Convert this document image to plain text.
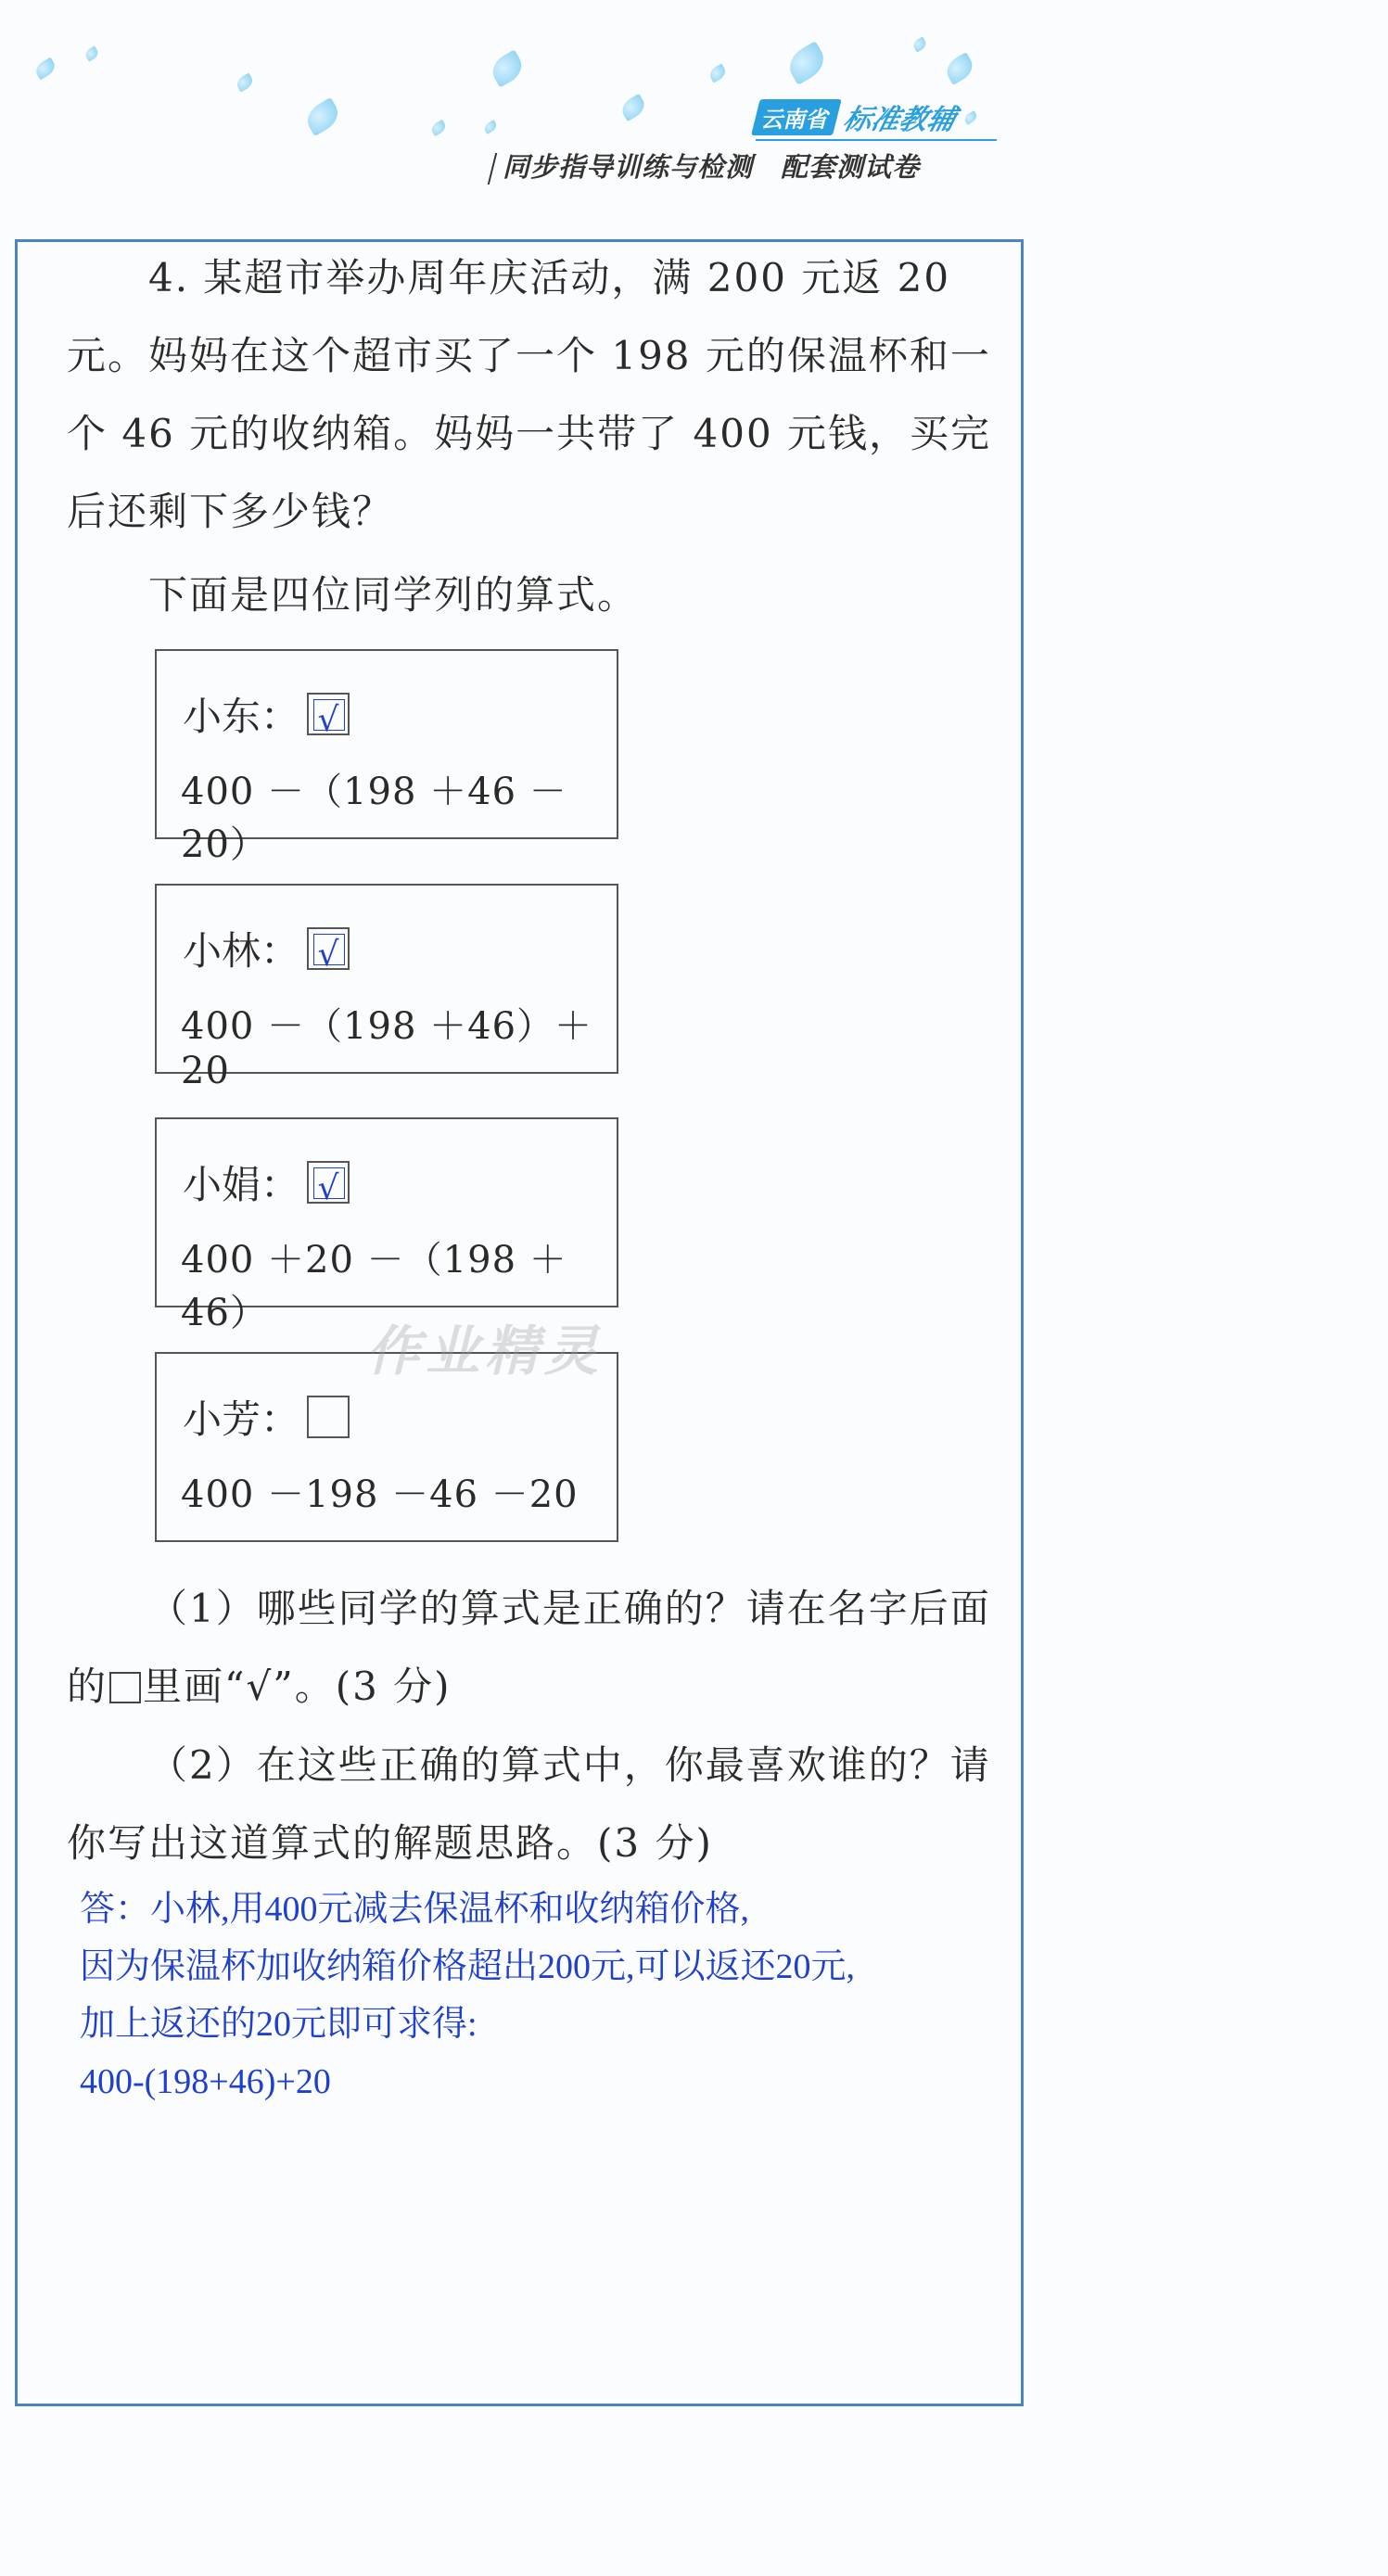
云南省 标准教辅
同步指导训练与检测　配套测试卷
4. 某超市举办周年庆活动，满 200 元返 20 元。妈妈在这个超市买了一个 198 元的保温杯和一个 46 元的收纳箱。妈妈一共带了 400 元钱，买完后还剩下多少钱？
下面是四位同学列的算式。
小东： √
400 －（198 ＋46 －20）
小林： √
400 －（198 ＋46）＋20
小娟： √
400 ＋20 －（198 ＋46）
小芳：
400 －198 －46 －20
作业精灵
（1）哪些同学的算式是正确的？请在名字后面的 里画“√”。(3 分)
（2）在这些正确的算式中，你最喜欢谁的？请你写出这道算式的解题思路。(3 分)
答：小林,用400元减去保温杯和收纳箱价格,
因为保温杯加收纳箱价格超出200元,可以返还20元,
加上返还的20元即可求得:
400-(198+46)+20
